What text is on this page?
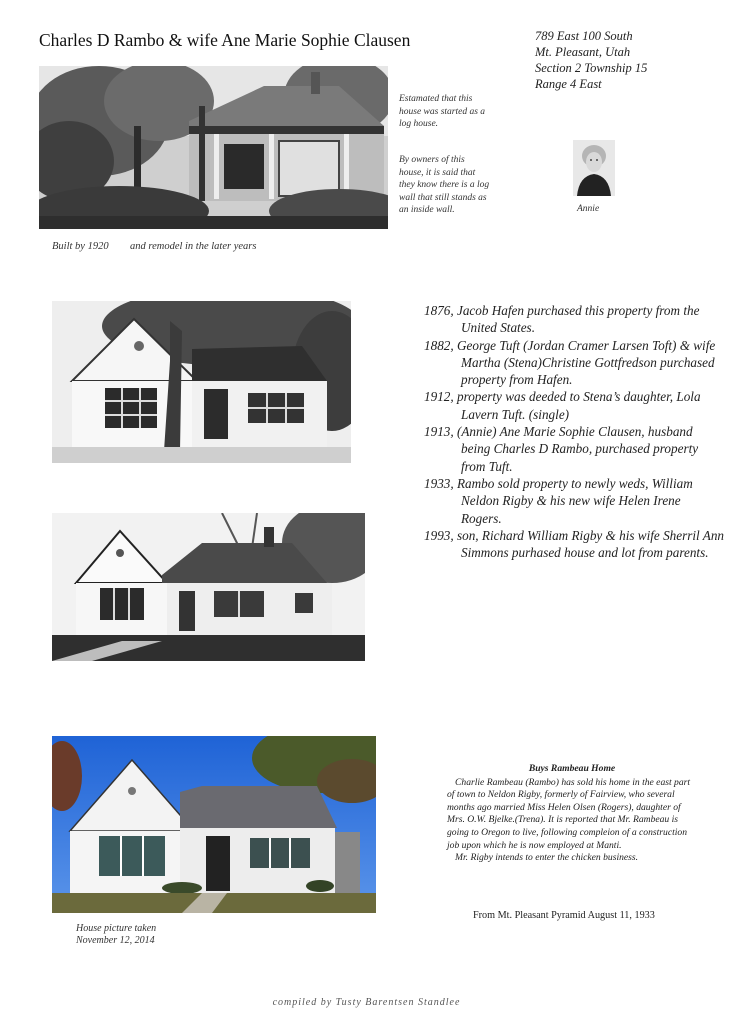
Charles D Rambo & wife Ane Marie Sophie Clausen	789 East 100 South
Mt. Pleasant, Utah
Section 2 Township 15
Range 4 East
Estamated that this house was started as a log house.
By owners of this house, it is said that they know there is a log wall that still stands as an inside wall.	Annie
Built by 1920 and remodel in the later years
1876, Jacob Hafen purchased this property from the United States.
1882, George Tuft (Jordan Cramer Larsen Toft) & wife Martha (Stena)Christine Gottfredson purchased property from Hafen.
1912, property was deeded to Stena’s daughter, Lola Lavern Tuft. (single)
1913, (Annie) Ane Marie Sophie Clausen, husband being Charles D Rambo, purchased property from Tuft.
1933, Rambo sold property to newly weds, William Neldon Rigby & his new wife Helen Irene Rogers.
1993, son, Richard William Rigby & his wife Sherril Ann Simmons purhased house and lot from parents.
Buys Rambeau Home
Charlie Rambeau (Rambo) has sold his home in the east part of town to Neldon Rigby, formerly of Fairview, who several months ago married Miss Helen Olsen (Rogers), daughter of Mrs. O.W. Bjelke.(Trena). It is reported that Mr. Rambeau is going to Oregon to live, following compleion of a construction job upon which he is now employed at Manti.
Mr. Rigby intends to enter the chicken business.
From Mt. Pleasant Pyramid August 11, 1933
House picture taken
November 12, 2014
compiled by Tusty Barentsen Standlee
